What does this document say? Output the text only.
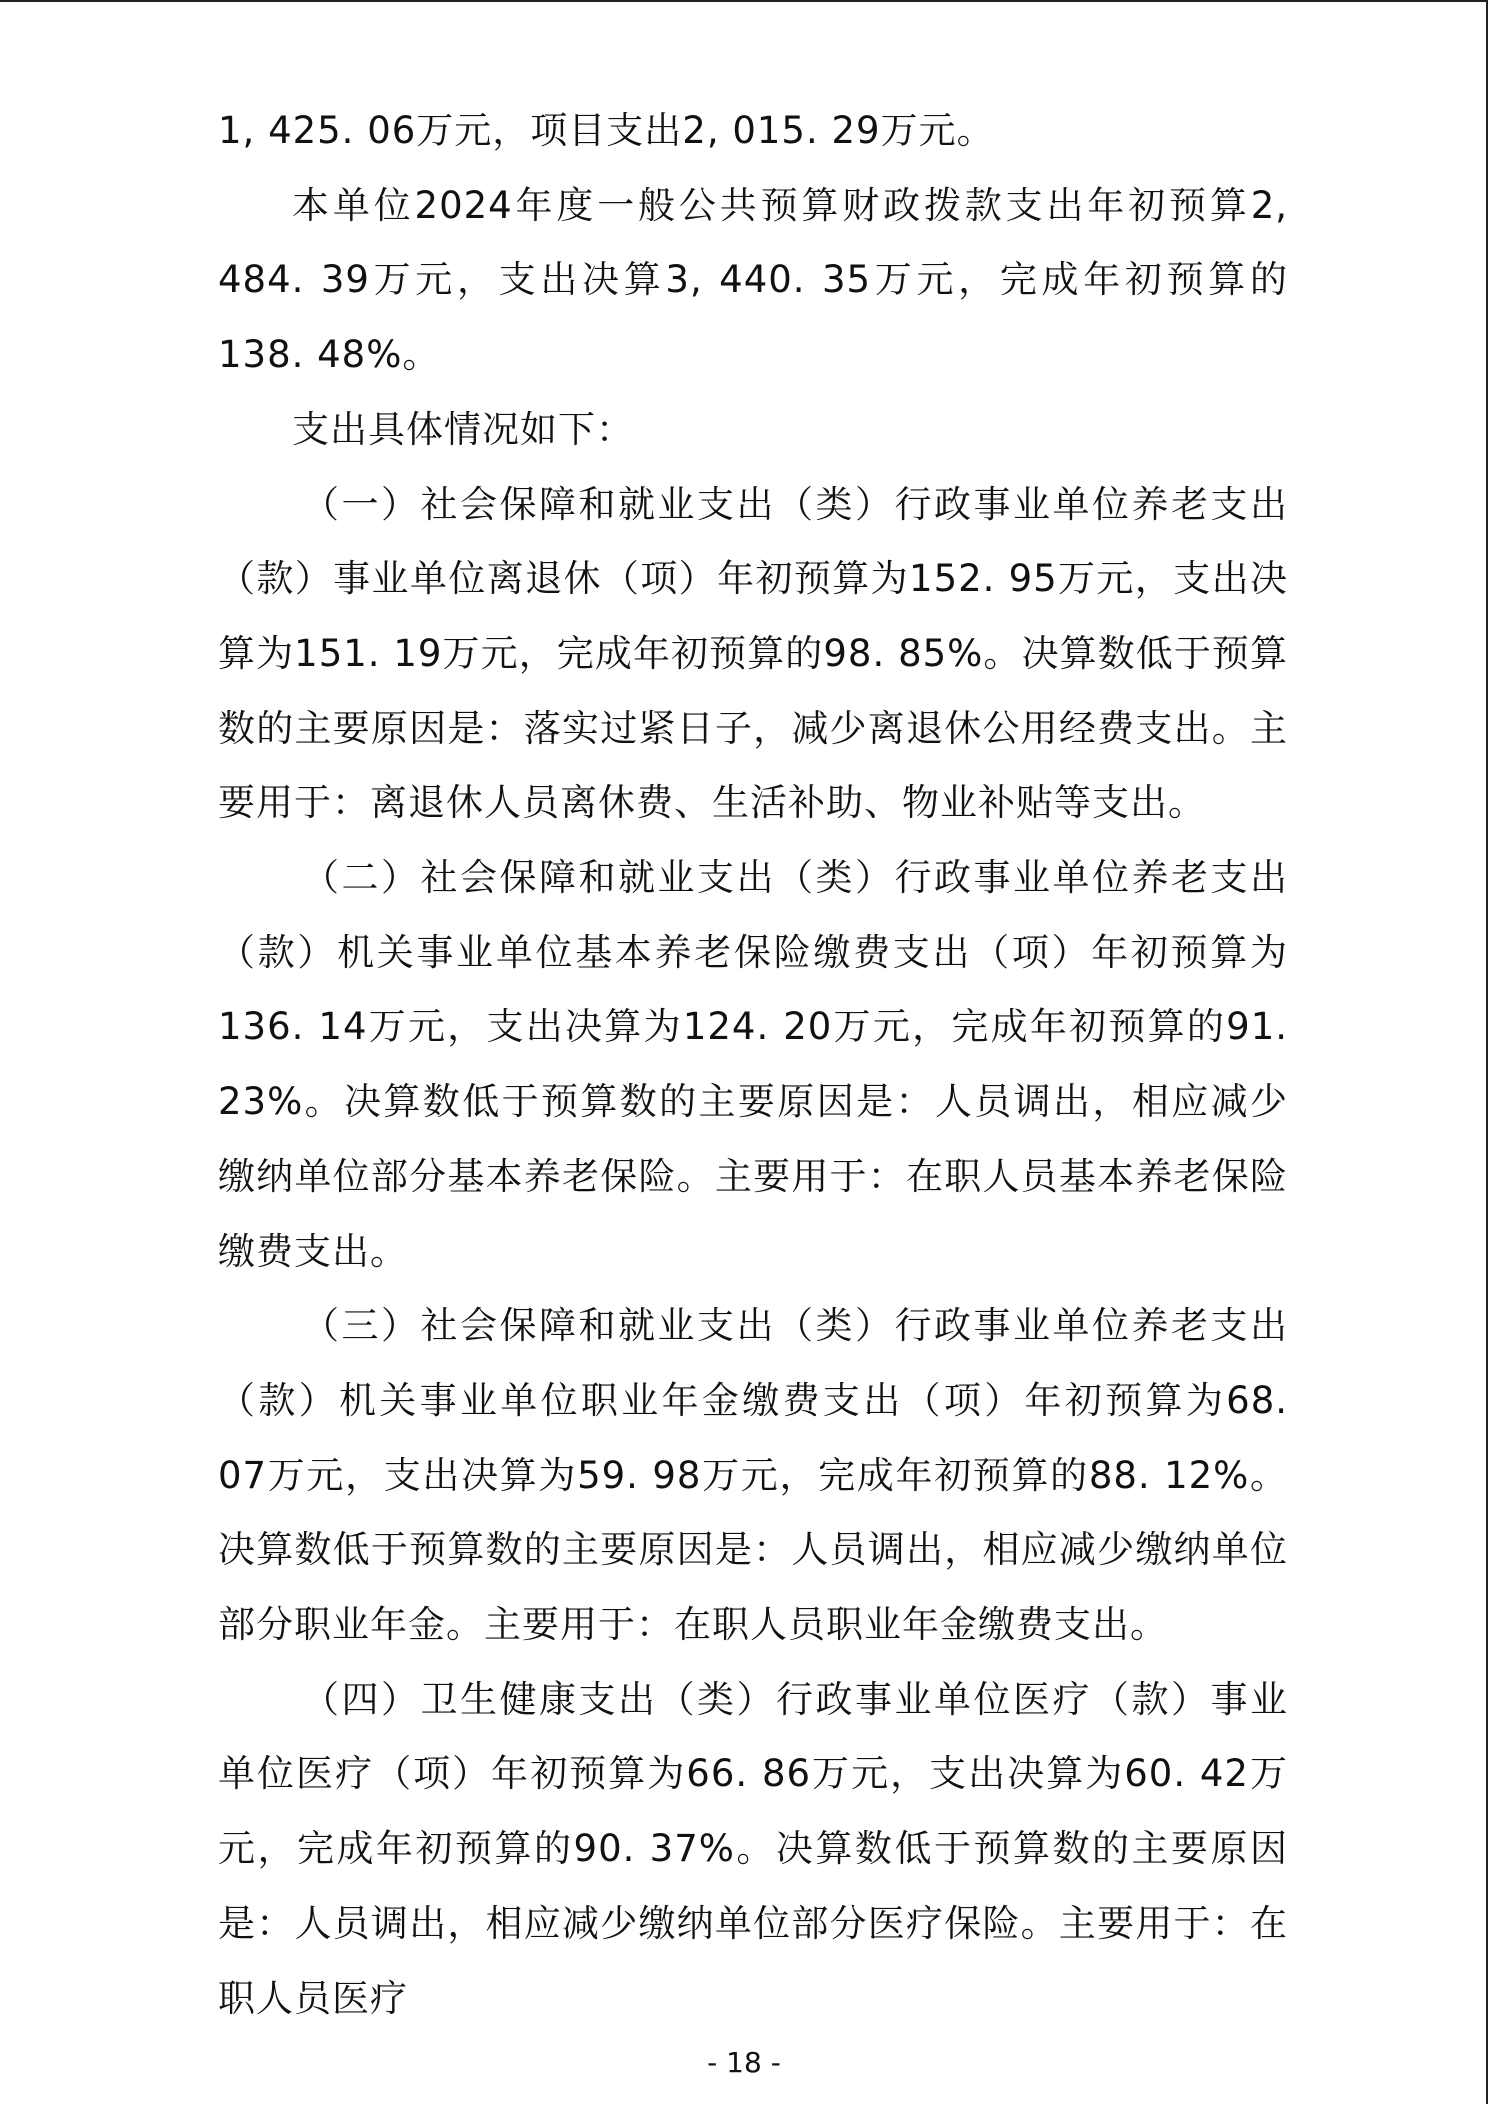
1, 425. 06万元，项目支出2, 015. 29万元。

本单位2024年度一般公共预算财政拨款支出年初预算2, 484. 39万元，支出决算3, 440. 35万元，完成年初预算的138. 48%。

支出具体情况如下：

（一）社会保障和就业支出（类）行政事业单位养老支出（款）事业单位离退休（项）年初预算为152. 95万元，支出决算为151. 19万元，完成年初预算的98. 85%。决算数低于预算数的主要原因是：落实过紧日子，减少离退休公用经费支出。主要用于：离退休人员离休费、生活补助、物业补贴等支出。

（二）社会保障和就业支出（类）行政事业单位养老支出（款）机关事业单位基本养老保险缴费支出（项）年初预算为136. 14万元，支出决算为124. 20万元，完成年初预算的91. 23%。决算数低于预算数的主要原因是：人员调出，相应减少缴纳单位部分基本养老保险。主要用于：在职人员基本养老保险缴费支出。

（三）社会保障和就业支出（类）行政事业单位养老支出（款）机关事业单位职业年金缴费支出（项）年初预算为68. 07万元，支出决算为59. 98万元，完成年初预算的88. 12%。决算数低于预算数的主要原因是：人员调出，相应减少缴纳单位部分职业年金。主要用于：在职人员职业年金缴费支出。

（四）卫生健康支出（类）行政事业单位医疗（款）事业单位医疗（项）年初预算为66. 86万元，支出决算为60. 42万元，完成年初预算的90. 37%。决算数低于预算数的主要原因是：人员调出，相应减少缴纳单位部分医疗保险。主要用于：在职人员医疗

- 18 -
